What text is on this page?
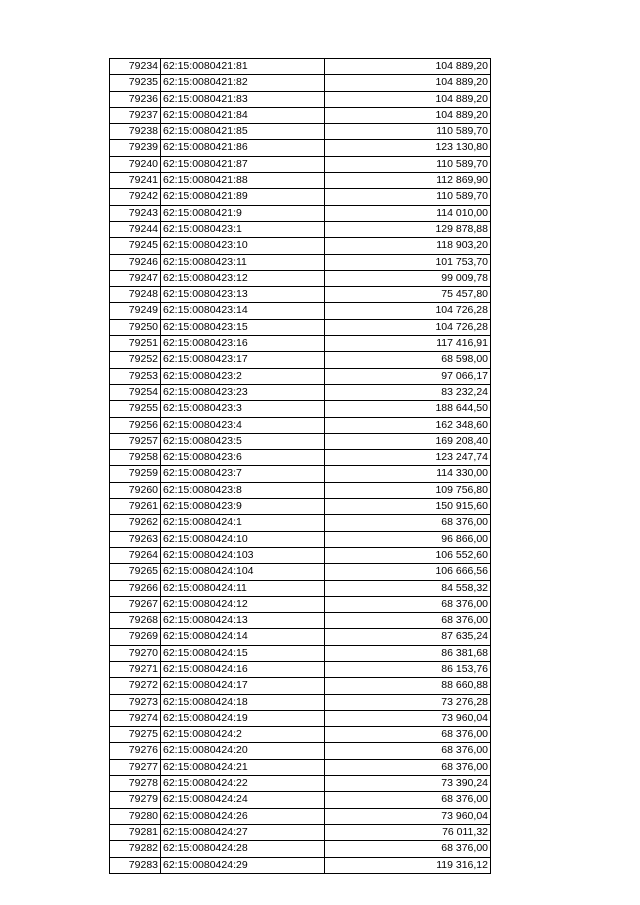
79234	62:15:0080421:81	104 889,20
79235	62:15:0080421:82	104 889,20
79236	62:15:0080421:83	104 889,20
79237	62:15:0080421:84	104 889,20
79238	62:15:0080421:85	110 589,70
79239	62:15:0080421:86	123 130,80
79240	62:15:0080421:87	110 589,70
79241	62:15:0080421:88	112 869,90
79242	62:15:0080421:89	110 589,70
79243	62:15:0080421:9	114 010,00
79244	62:15:0080423:1	129 878,88
79245	62:15:0080423:10	118 903,20
79246	62:15:0080423:11	101 753,70
79247	62:15:0080423:12	99 009,78
79248	62:15:0080423:13	75 457,80
79249	62:15:0080423:14	104 726,28
79250	62:15:0080423:15	104 726,28
79251	62:15:0080423:16	117 416,91
79252	62:15:0080423:17	68 598,00
79253	62:15:0080423:2	97 066,17
79254	62:15:0080423:23	83 232,24
79255	62:15:0080423:3	188 644,50
79256	62:15:0080423:4	162 348,60
79257	62:15:0080423:5	169 208,40
79258	62:15:0080423:6	123 247,74
79259	62:15:0080423:7	114 330,00
79260	62:15:0080423:8	109 756,80
79261	62:15:0080423:9	150 915,60
79262	62:15:0080424:1	68 376,00
79263	62:15:0080424:10	96 866,00
79264	62:15:0080424:103	106 552,60
79265	62:15:0080424:104	106 666,56
79266	62:15:0080424:11	84 558,32
79267	62:15:0080424:12	68 376,00
79268	62:15:0080424:13	68 376,00
79269	62:15:0080424:14	87 635,24
79270	62:15:0080424:15	86 381,68
79271	62:15:0080424:16	86 153,76
79272	62:15:0080424:17	88 660,88
79273	62:15:0080424:18	73 276,28
79274	62:15:0080424:19	73 960,04
79275	62:15:0080424:2	68 376,00
79276	62:15:0080424:20	68 376,00
79277	62:15:0080424:21	68 376,00
79278	62:15:0080424:22	73 390,24
79279	62:15:0080424:24	68 376,00
79280	62:15:0080424:26	73 960,04
79281	62:15:0080424:27	76 011,32
79282	62:15:0080424:28	68 376,00
79283	62:15:0080424:29	119 316,12
